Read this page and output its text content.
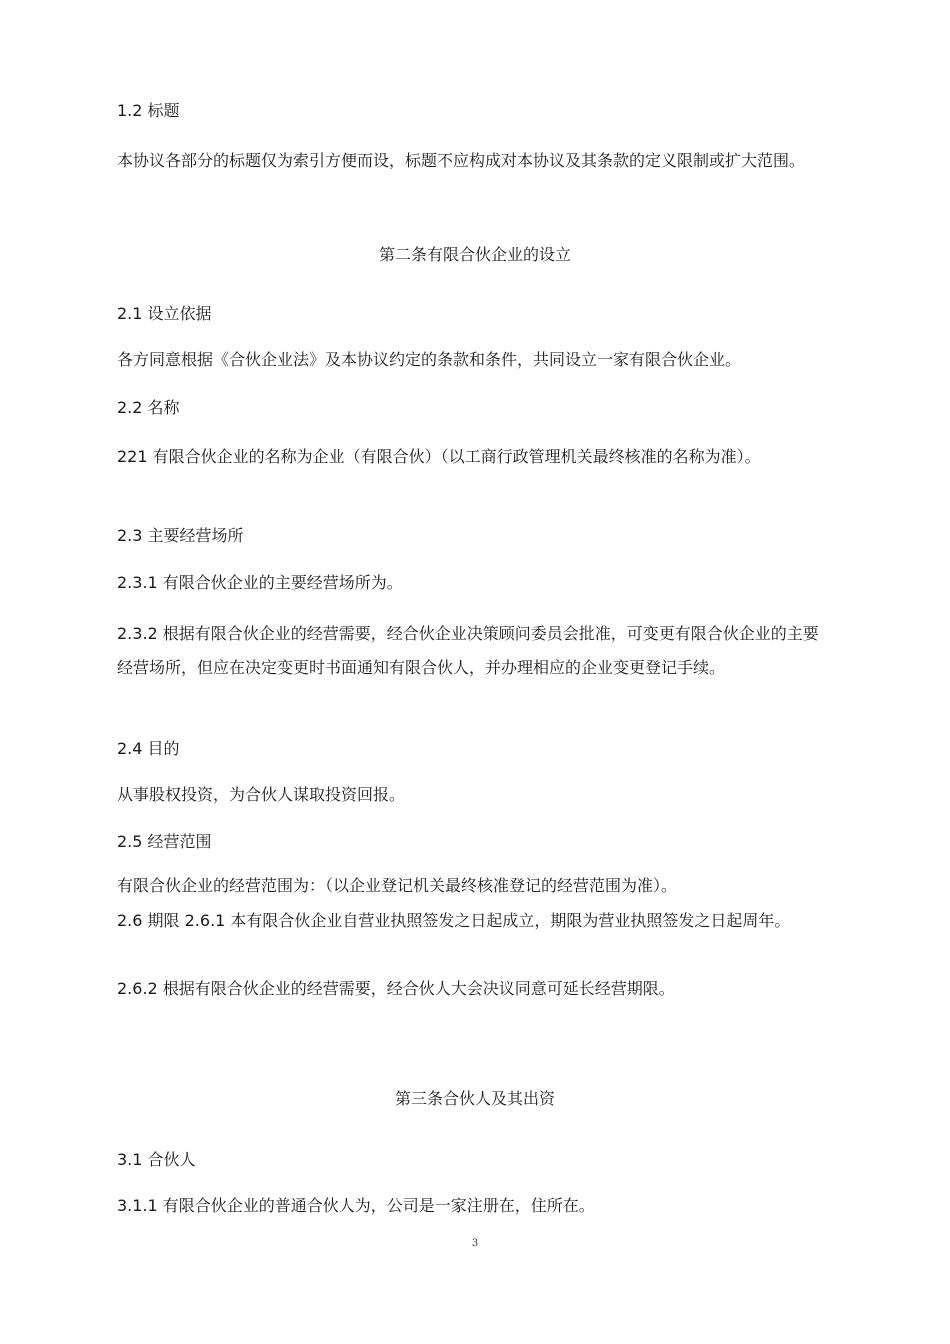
1.2 标题
本协议各部分的标题仅为索引方便而设，标题不应构成对本协议及其条款的定义限制或扩大范围。
第二条有限合伙企业的设立
2.1 设立依据
各方同意根据《合伙企业法》及本协议约定的条款和条件，共同设立一家有限合伙企业。
2.2 名称
221 有限合伙企业的名称为企业（有限合伙）（以工商行政管理机关最终核准的名称为准）。
2.3 主要经营场所
2.3.1 有限合伙企业的主要经营场所为。
2.3.2 根据有限合伙企业的经营需要，经合伙企业决策顾问委员会批准，可变更有限合伙企业的主要经营场所，但应在决定变更时书面通知有限合伙人，并办理相应的企业变更登记手续。
2.4 目的
从事股权投资，为合伙人谋取投资回报。
2.5 经营范围
有限合伙企业的经营范围为：（以企业登记机关最终核准登记的经营范围为准）。
2.6 期限 2.6.1 本有限合伙企业自营业执照签发之日起成立，期限为营业执照签发之日起周年。
2.6.2 根据有限合伙企业的经营需要，经合伙人大会决议同意可延长经营期限。
第三条合伙人及其出资
3.1 合伙人
3.1.1 有限合伙企业的普通合伙人为，公司是一家注册在，住所在。
3
